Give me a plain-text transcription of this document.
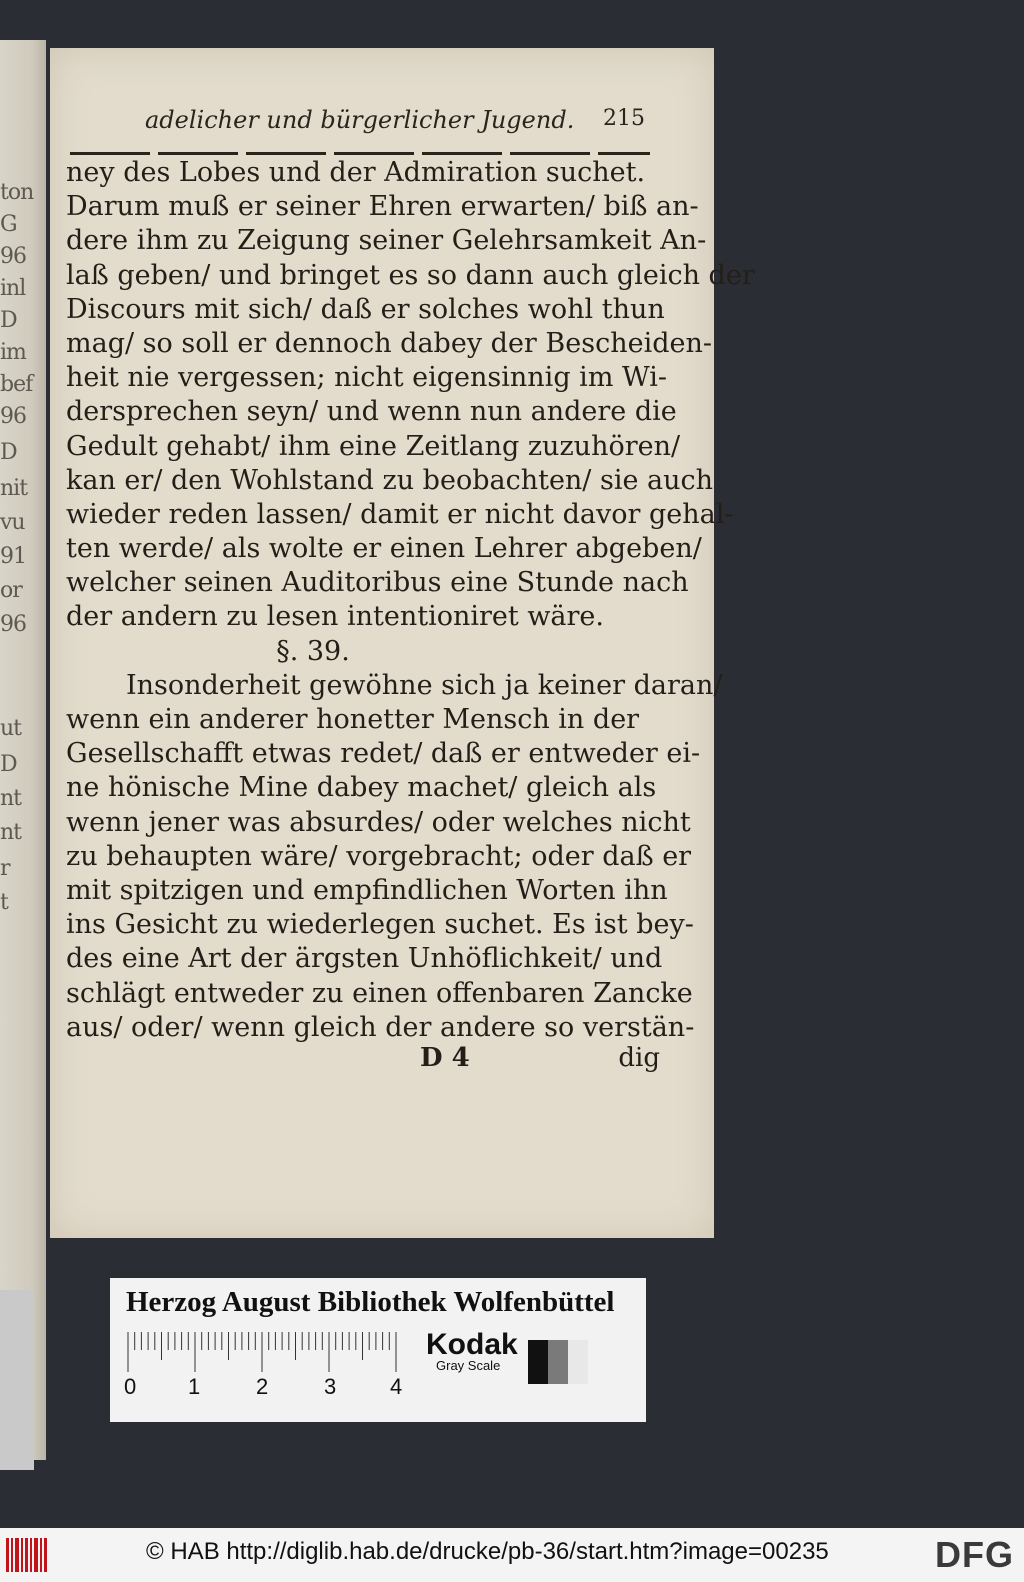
ton
G
96
inl
D
im
bef
96
D
nit
vu
91
or
96
ut
D
nt
nt
r
t
adelicher und bürgerlicher Jugend. 215
ney des Lobes und der Admiration suchet.
Darum muß er seiner Ehren erwarten/ biß an-
dere ihm zu Zeigung seiner Gelehrsamkeit An-
laß geben/ und bringet es so dann auch gleich der
Discours mit sich/ daß er solches wohl thun
mag/ so soll er dennoch dabey der Bescheiden-
heit nie vergessen; nicht eigensinnig im Wi-
dersprechen seyn/ und wenn nun andere die
Gedult gehabt/ ihm eine Zeitlang zuzuhören/
kan er/ den Wohlstand zu beobachten/ sie auch
wieder reden lassen/ damit er nicht davor gehal-
ten werde/ als wolte er einen Lehrer abgeben/
welcher seinen Auditoribus eine Stunde nach
der andern zu lesen intentioniret wäre.
§. 39.
Insonderheit gewöhne sich ja keiner daran/
wenn ein anderer honetter Mensch in der
Gesellschafft etwas redet/ daß er entweder ei-
ne hönische Mine dabey machet/ gleich als
wenn jener was absurdes/ oder welches nicht
zu behaupten wäre/ vorgebracht; oder daß er
mit spitzigen und empfindlichen Worten ihn
ins Gesicht zu wiederlegen suchet. Es ist bey-
des eine Art der ärgsten Unhöflichkeit/ und
schlägt entweder zu einen offenbaren Zancke
aus/ oder/ wenn gleich der andere so verstän-
D 4	dig
Herzog August Bibliothek Wolfenbüttel
0 1	2	3 4
Kodak
Gray Scale
© HAB http://diglib.hab.de/drucke/pb-36/start.htm?image=00235	DFG
